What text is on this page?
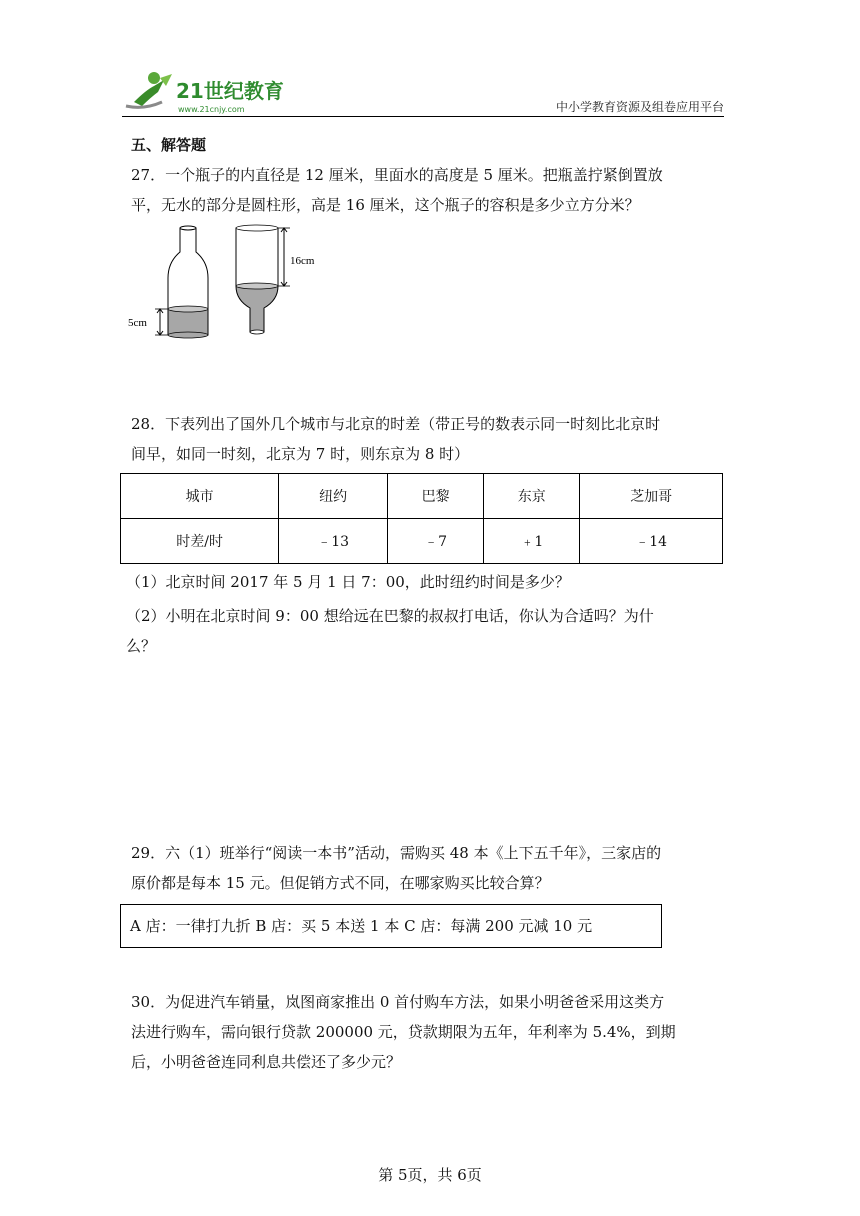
21世纪教育
www.21cnjy.com	中小学教育资源及组卷应用平台
五、解答题

27．一个瓶子的内直径是 12 厘米，里面水的高度是 5 厘米。把瓶盖拧紧倒置放

平，无水的部分是圆柱形，高是 16 厘米，这个瓶子的容积是多少立方分米？

5cm
16cm

28．下表列出了国外几个城市与北京的时差（带正号的数表示同一时刻比北京时

间早，如同一时刻，北京为 7 时，则东京为 8 时）

城市	纽约	巴黎	东京	芝加哥
时差/时	﹣13	﹣7	﹢1	﹣14
（1）北京时间 2017 年 5 月 1 日 7：00，此时纽约时间是多少？

（2）小明在北京时间 9：00 想给远在巴黎的叔叔打电话，你认为合适吗？为什

么？

29．六（1）班举行“阅读一本书”活动，需购买 48 本《上下五千年》，三家店的

原价都是每本 15 元。但促销方式不同，在哪家购买比较合算？

A 店：一律打九折 B 店：买 5 本送 1 本 C 店：每满 200 元减 10 元

30．为促进汽车销量，岚图商家推出 0 首付购车方法，如果小明爸爸采用这类方

法进行购车，需向银行贷款 200000 元，贷款期限为五年，年利率为 5.4%，到期

后，小明爸爸连同利息共偿还了多少元？

第 5页，共 6页
